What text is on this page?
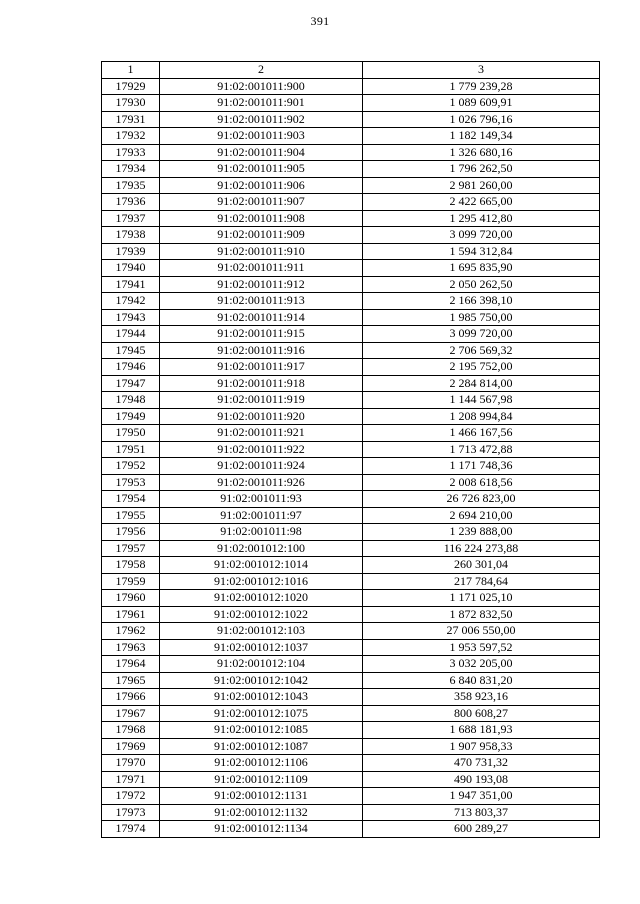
391
1	2	3
17929	91:02:001011:900	1 779 239,28
17930	91:02:001011:901	1 089 609,91
17931	91:02:001011:902	1 026 796,16
17932	91:02:001011:903	1 182 149,34
17933	91:02:001011:904	1 326 680,16
17934	91:02:001011:905	1 796 262,50
17935	91:02:001011:906	2 981 260,00
17936	91:02:001011:907	2 422 665,00
17937	91:02:001011:908	1 295 412,80
17938	91:02:001011:909	3 099 720,00
17939	91:02:001011:910	1 594 312,84
17940	91:02:001011:911	1 695 835,90
17941	91:02:001011:912	2 050 262,50
17942	91:02:001011:913	2 166 398,10
17943	91:02:001011:914	1 985 750,00
17944	91:02:001011:915	3 099 720,00
17945	91:02:001011:916	2 706 569,32
17946	91:02:001011:917	2 195 752,00
17947	91:02:001011:918	2 284 814,00
17948	91:02:001011:919	1 144 567,98
17949	91:02:001011:920	1 208 994,84
17950	91:02:001011:921	1 466 167,56
17951	91:02:001011:922	1 713 472,88
17952	91:02:001011:924	1 171 748,36
17953	91:02:001011:926	2 008 618,56
17954	91:02:001011:93	26 726 823,00
17955	91:02:001011:97	2 694 210,00
17956	91:02:001011:98	1 239 888,00
17957	91:02:001012:100	116 224 273,88
17958	91:02:001012:1014	260 301,04
17959	91:02:001012:1016	217 784,64
17960	91:02:001012:1020	1 171 025,10
17961	91:02:001012:1022	1 872 832,50
17962	91:02:001012:103	27 006 550,00
17963	91:02:001012:1037	1 953 597,52
17964	91:02:001012:104	3 032 205,00
17965	91:02:001012:1042	6 840 831,20
17966	91:02:001012:1043	358 923,16
17967	91:02:001012:1075	800 608,27
17968	91:02:001012:1085	1 688 181,93
17969	91:02:001012:1087	1 907 958,33
17970	91:02:001012:1106	470 731,32
17971	91:02:001012:1109	490 193,08
17972	91:02:001012:1131	1 947 351,00
17973	91:02:001012:1132	713 803,37
17974	91:02:001012:1134	600 289,27
